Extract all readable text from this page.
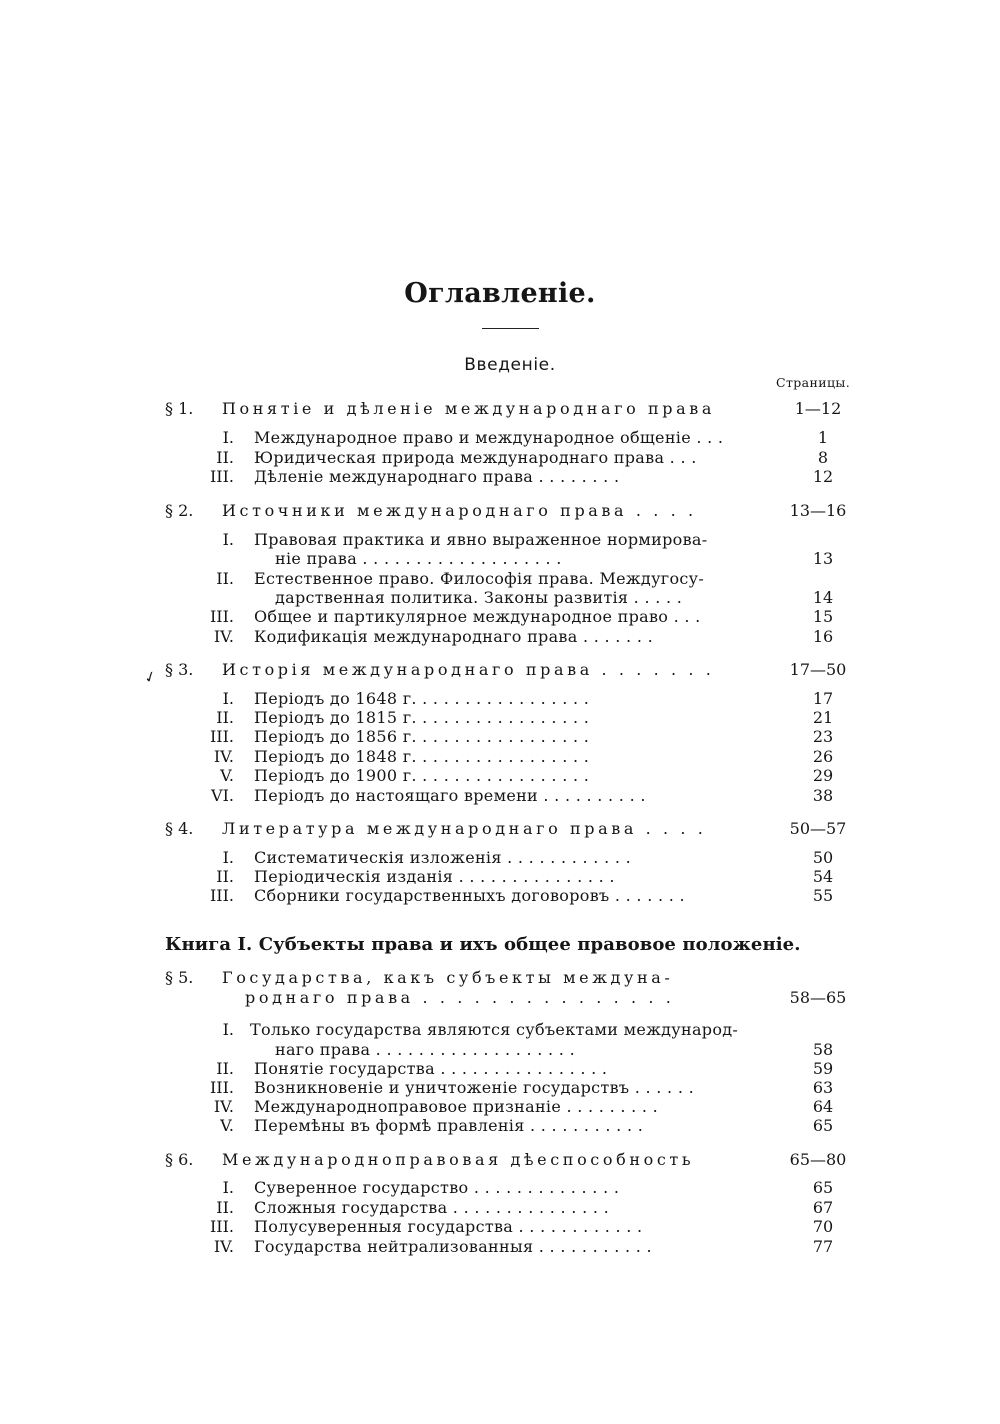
Оглавленіе.
Введеніе.
Страницы.
✓
Книга I. Субъекты права и ихъ общее правовое положеніе.
§ 1. Понятіе и дѣленіе международнаго права	1—12
I. Международное право и международное общеніе . . .	1
II. Юридическая природа международнаго права . . .	8
III. Дѣленіе международнаго права . . . . . . . .	12
§ 2. Источники международнаго права . . . .	13—16
I. Правовая практика и явно выраженное нормирова-
ніе права . . . . . . . . . . . . . . . . . . .	13
II. Естественное право. Философія права. Междугосу-
дарственная политика. Законы развитія . . . . .	14
III. Общее и партикулярное международное право . . .	15
IV. Кодификація международнаго права . . . . . . .	16
§ 3. Исторія международнаго права . . . . . . .	17—50
I. Періодъ до 1648 г. . . . . . . . . . . . . . . . .	17
II. Періодъ до 1815 г. . . . . . . . . . . . . . . . .	21
III. Періодъ до 1856 г. . . . . . . . . . . . . . . . .	23
IV. Періодъ до 1848 г. . . . . . . . . . . . . . . . .	26
V. Періодъ до 1900 г. . . . . . . . . . . . . . . . .	29
VI. Періодъ до настоящаго времени . . . . . . . . . .	38
§ 4. Литература международнаго права . . . .	50—57
I. Систематическія изложенія . . . . . . . . . . . .	50
II. Періодическія изданія . . . . . . . . . . . . . . .	54
III. Сборники государственныхъ договоровъ . . . . . . .	55
§ 5. Государства, какъ субъекты междуна-
роднаго права . . . . . . . . . . . . . . .	58—65
I. Только государства являются субъектами международ-
наго права . . . . . . . . . . . . . . . . . . .	58
II. Понятіе государства . . . . . . . . . . . . . . . .	59
III. Возникновеніе и уничтоженіе государствъ . . . . . .	63
IV. Международноправовое признаніе . . . . . . . . .	64
V. Перемѣны въ формѣ правленія . . . . . . . . . . .	65
§ 6. Международноправовая дѣеспособность	65—80
I. Суверенное государство . . . . . . . . . . . . . .	65
II. Сложныя государства . . . . . . . . . . . . . . .	67
III. Полусуверенныя государства . . . . . . . . . . . .	70
IV. Государства нейтрализованныя . . . . . . . . . . .	77
